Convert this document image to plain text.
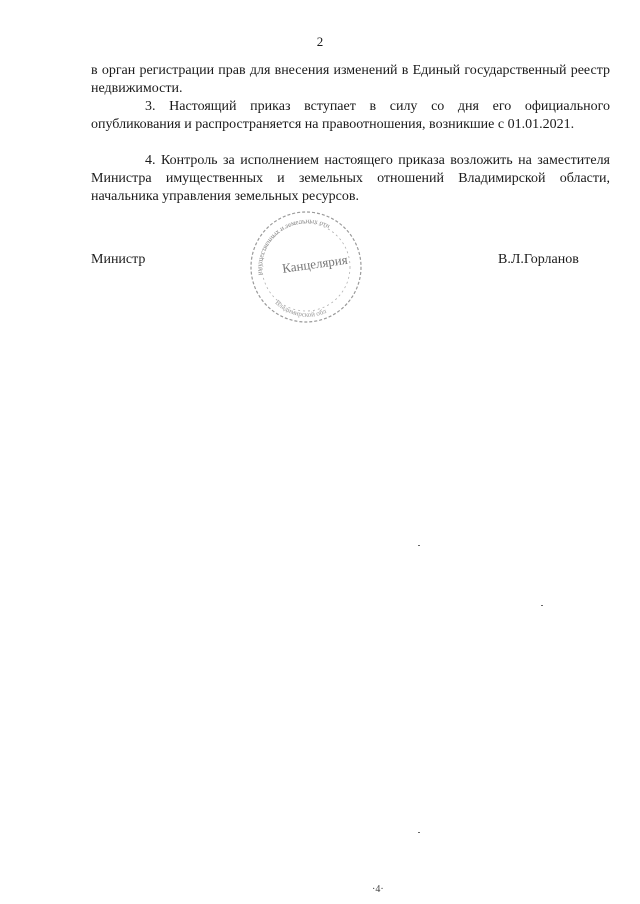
2
в орган регистрации прав для внесения изменений в Единый государственный реестр недвижимости.
3. Настоящий приказ вступает в силу со дня его официального опубликования и распространяется на правоотношения, возникшие с 01.01.2021.
4. Контроль за исполнением настоящего приказа возложить на заместителя Министра имущественных и земельных отношений Владимирской области, начальника управления земельных ресурсов.
Министр
имущественных и земельных отн
Владимирской обл
Канцелярия	В.Л.Горланов
·4·
